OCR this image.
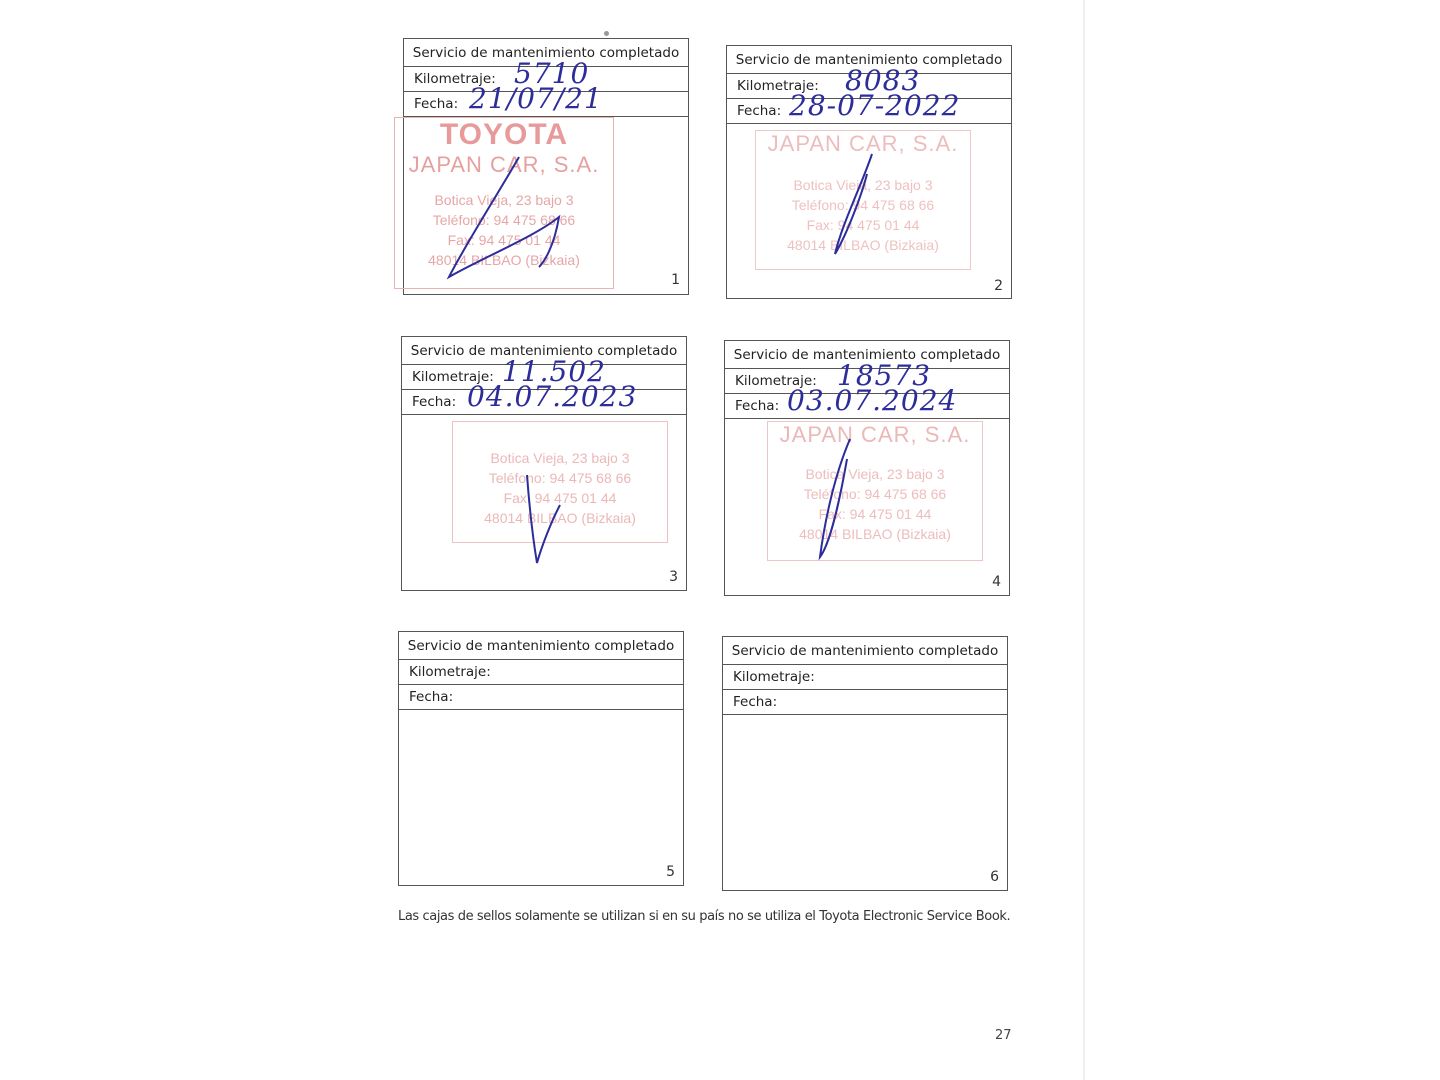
Servicio de mantenimiento completado
Kilometraje: 5710
Fecha: 21/07/21
TOYOTA
JAPAN CAR, S.A.
Botica Vieja, 23 bajo 3
Teléfono: 94 475 68 66
Fax: 94 475 01 44
48014 BILBAO (Bizkaia)
1
Servicio de mantenimiento completado
Kilometraje: 8083
Fecha: 28-07-2022
JAPAN CAR, S.A.
Botica Vieja, 23 bajo 3
Teléfono: 94 475 68 66
Fax: 94 475 01 44
48014 BILBAO (Bizkaia)
2
Servicio de mantenimiento completado
Kilometraje: 11.502
Fecha: 04.07.2023
Botica Vieja, 23 bajo 3
Teléfono: 94 475 68 66
Fax: 94 475 01 44
48014 BILBAO (Bizkaia)
3
Servicio de mantenimiento completado
Kilometraje: 18573
Fecha: 03.07.2024
JAPAN CAR, S.A.
Botica Vieja, 23 bajo 3
Teléfono: 94 475 68 66
Fax: 94 475 01 44
48014 BILBAO (Bizkaia)
4
Servicio de mantenimiento completado
Kilometraje:
Fecha:
5
Servicio de mantenimiento completado
Kilometraje:
Fecha:
6
Las cajas de sellos solamente se utilizan si en su país no se utiliza el Toyota Electronic Service Book.
27
